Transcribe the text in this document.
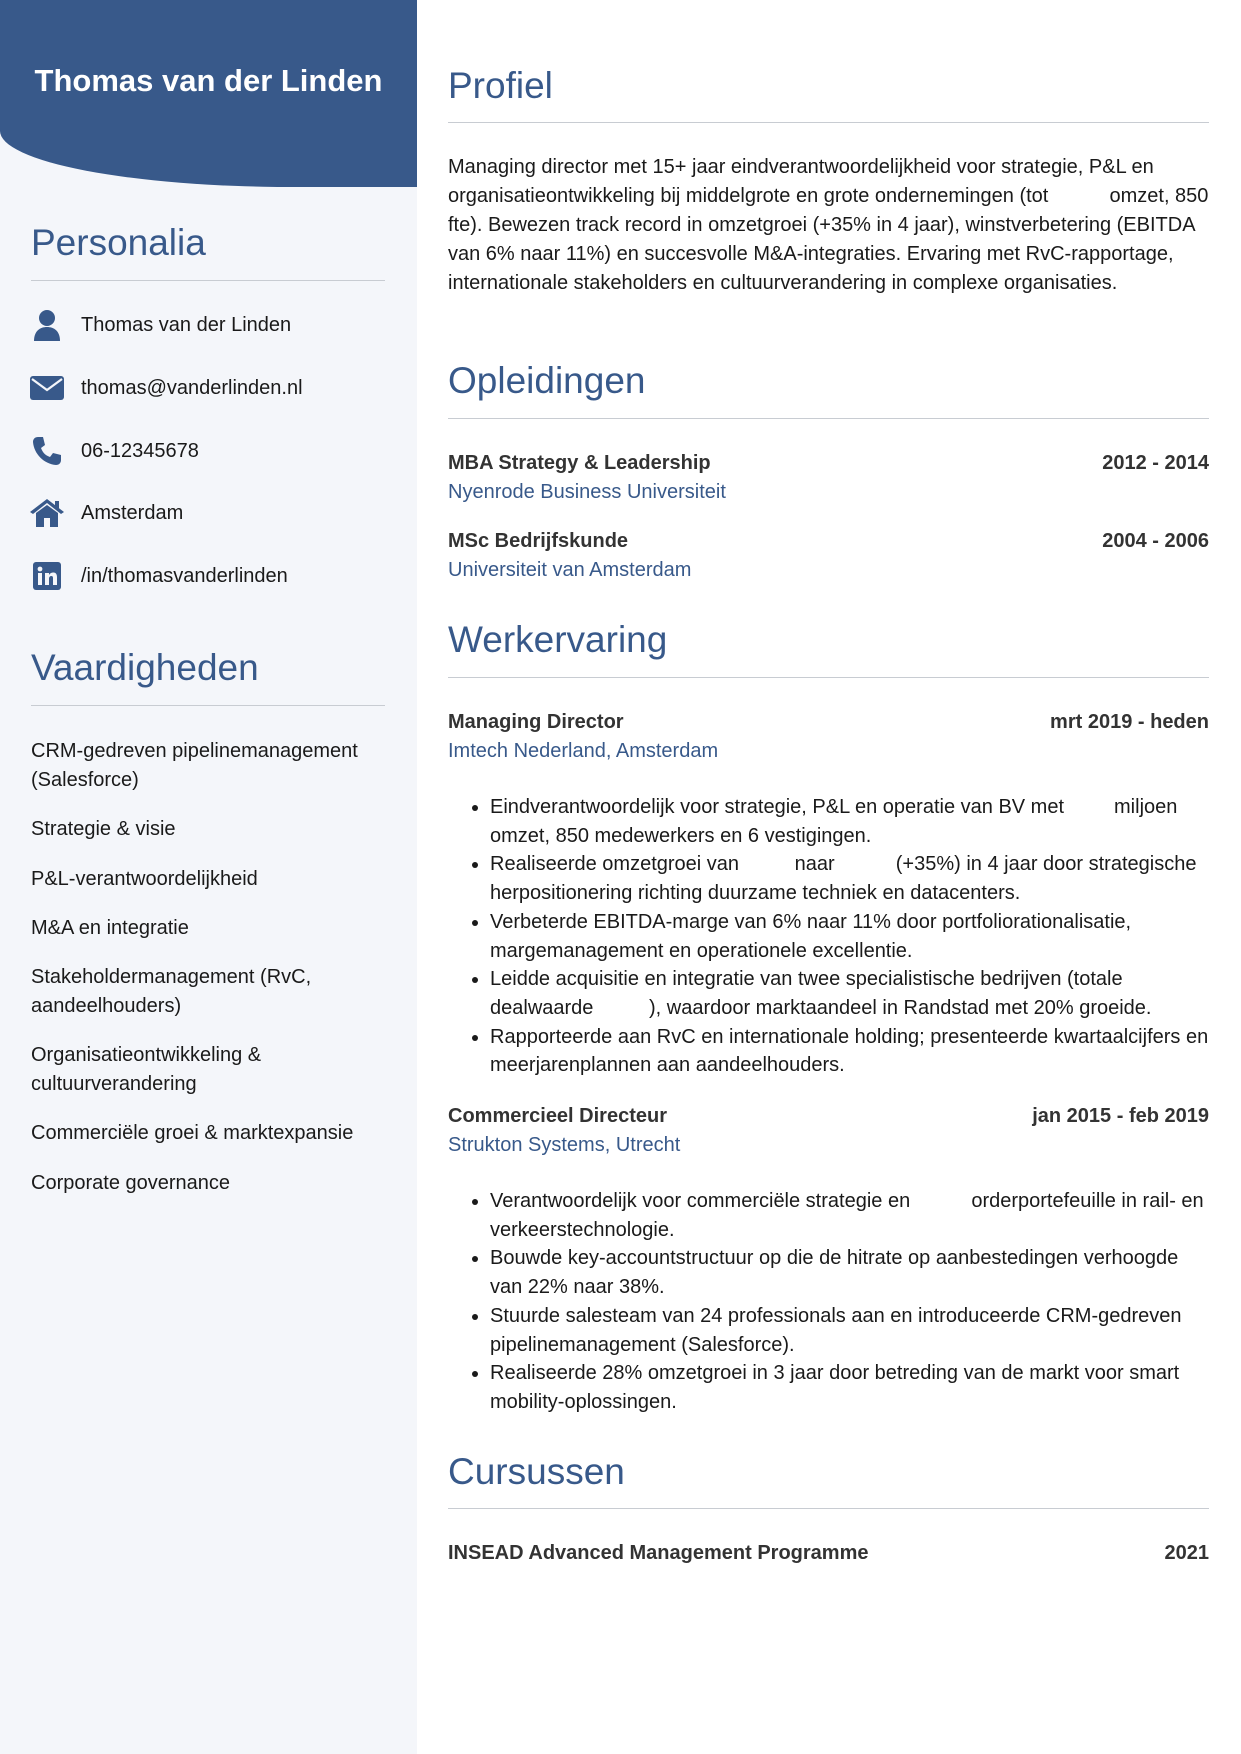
Thomas van der Linden
Personalia
Thomas van der Linden
thomas@vanderlinden.nl
06-12345678
Amsterdam
/in/thomasvanderlinden
Vaardigheden
CRM-gedreven pipelinemanagement (Salesforce)
Strategie & visie
P&L-verantwoordelijkheid
M&A en integratie
Stakeholdermanagement (RvC, aandeelhouders)
Organisatieontwikkeling & cultuurverandering
Commerciële groei & marktexpansie
Corporate governance
Profiel
Managing director met 15+ jaar eindverantwoordelijkheid voor strategie, P&L en organisatieontwikkeling bij middelgrote en grote ondernemingen (tot           omzet, 850 fte). Bewezen track record in omzetgroei (+35% in 4 jaar), winstverbetering (EBITDA van 6% naar 11%) en succesvolle M&A-integraties. Ervaring met RvC-rapportage, internationale stakeholders en cultuurverandering in complexe organisaties.
Opleidingen
MBA Strategy & Leadership	2012 - 2014
Nyenrode Business Universiteit
MSc Bedrijfskunde	2004 - 2006
Universiteit van Amsterdam
Werkervaring
Managing Director	mrt 2019 - heden
Imtech Nederland, Amsterdam
• Eindverantwoordelijk voor strategie, P&L en operatie van BV met         miljoen omzet, 850 medewerkers en 6 vestigingen.
• Realiseerde omzetgroei van          naar           (+35%) in 4 jaar door strategische herpositionering richting duurzame techniek en datacenters.
• Verbeterde EBITDA-marge van 6% naar 11% door portfoliorationalisatie, margemanagement en operationele excellentie.
• Leidde acquisitie en integratie van twee specialistische bedrijven (totale dealwaarde          ), waardoor marktaandeel in Randstad met 20% groeide.
• Rapporteerde aan RvC en internationale holding; presenteerde kwartaalcijfers en meerjarenplannen aan aandeelhouders.
Commercieel Directeur	jan 2015 - feb 2019
Strukton Systems, Utrecht
• Verantwoordelijk voor commerciële strategie en           orderportefeuille in rail- en verkeerstechnologie.
• Bouwde key-accountstructuur op die de hitrate op aanbestedingen verhoogde van 22% naar 38%.
• Stuurde salesteam van 24 professionals aan en introduceerde CRM-gedreven pipelinemanagement (Salesforce).
• Realiseerde 28% omzetgroei in 3 jaar door betreding van de markt voor smart mobility-oplossingen.
Cursussen
INSEAD Advanced Management Programme	2021
